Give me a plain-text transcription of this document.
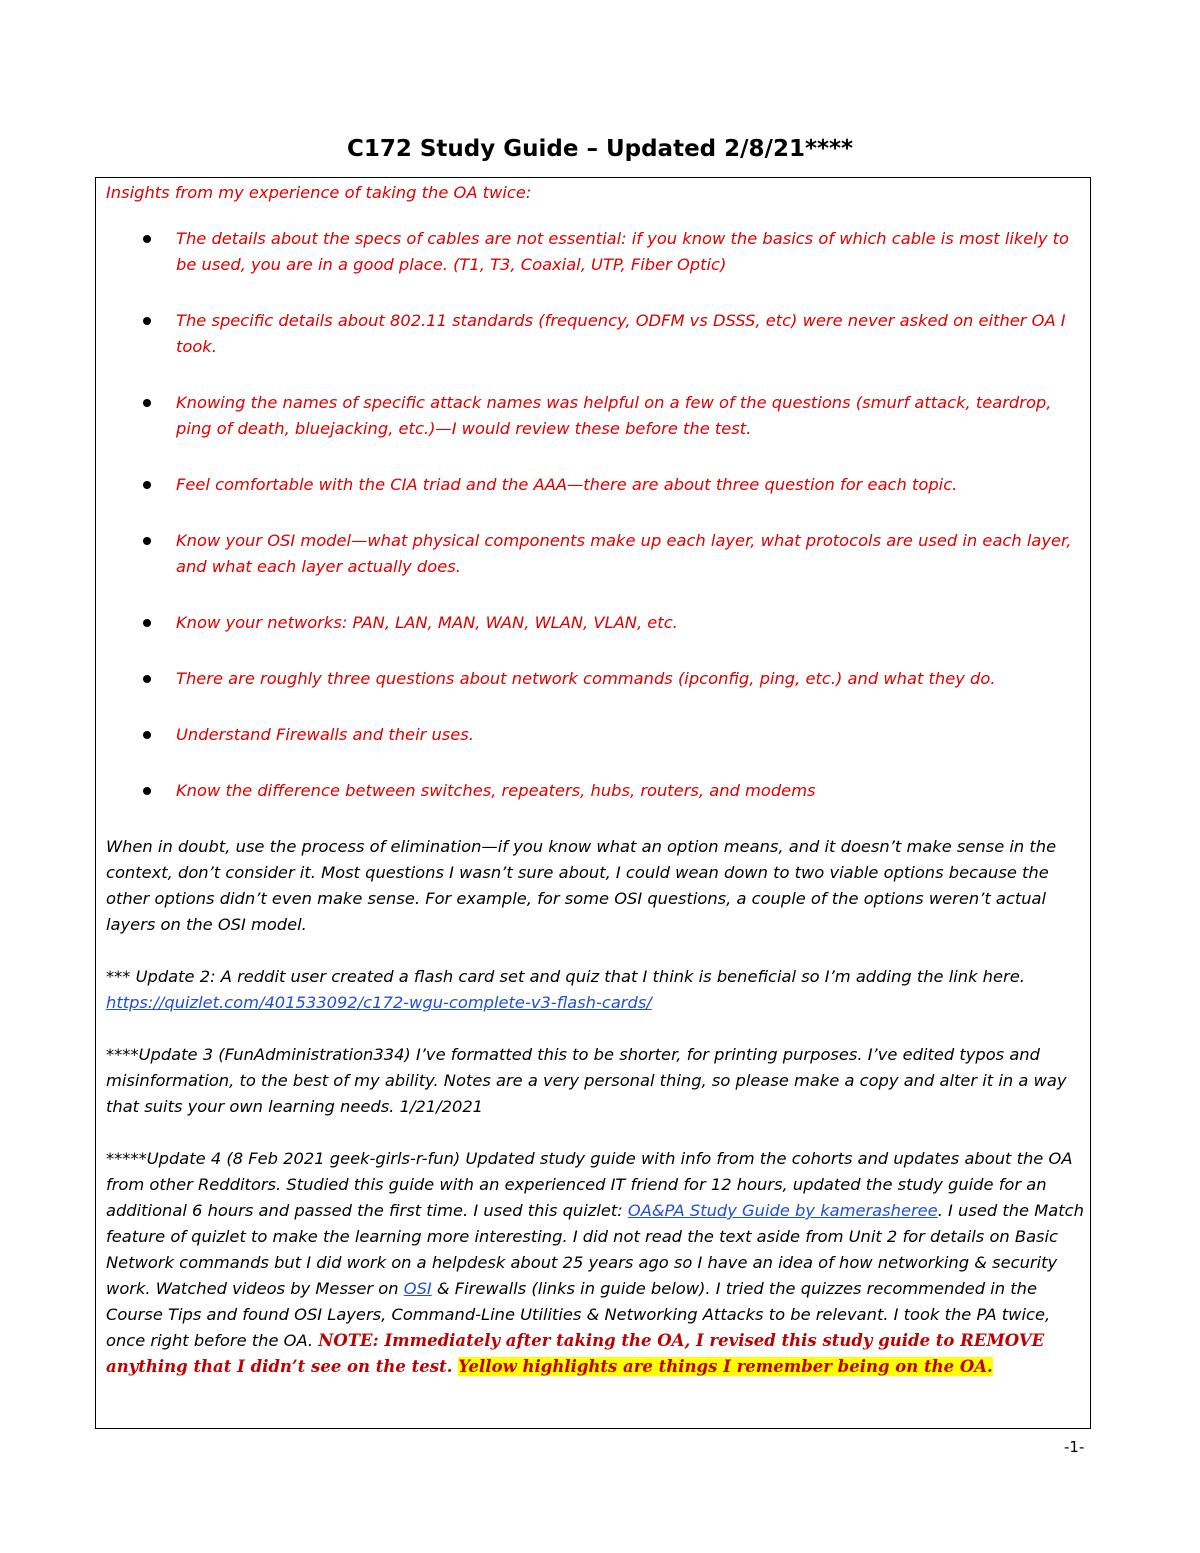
C172 Study Guide – Updated 2/8/21****

Insights from my experience of taking the OA twice:

The details about the specs of cables are not essential: if you know the basics of which cable is most likely to be used, you are in a good place. (T1, T3, Coaxial, UTP, Fiber Optic)
The specific details about 802.11 standards (frequency, ODFM vs DSSS, etc) were never asked on either OA I took.
Knowing the names of specific attack names was helpful on a few of the questions (smurf attack, teardrop, ping of death, bluejacking, etc.)—I would review these before the test.
Feel comfortable with the CIA triad and the AAA—there are about three question for each topic.
Know your OSI model—what physical components make up each layer, what protocols are used in each layer, and what each layer actually does.
Know your networks: PAN, LAN, MAN, WAN, WLAN, VLAN, etc.
There are roughly three questions about network commands (ipconfig, ping, etc.) and what they do.
Understand Firewalls and their uses.
Know the difference between switches, repeaters, hubs, routers, and modems

When in doubt, use the process of elimination—if you know what an option means, and it doesn’t make sense in the context, don’t consider it. Most questions I wasn’t sure about, I could wean down to two viable options because the other options didn’t even make sense. For example, for some OSI questions, a couple of the options weren’t actual layers on the OSI model.

*** Update 2: A reddit user created a flash card set and quiz that I think is beneficial so I’m adding the link here. https://quizlet.com/401533092/c172-wgu-complete-v3-flash-cards/

****Update 3 (FunAdministration334) I’ve formatted this to be shorter, for printing purposes. I’ve edited typos and misinformation, to the best of my ability. Notes are a very personal thing, so please make a copy and alter it in a way that suits your own learning needs. 1/21/2021

*****Update 4 (8 Feb 2021 geek-girls-r-fun) Updated study guide with info from the cohorts and updates about the OA from other Redditors. Studied this guide with an experienced IT friend for 12 hours, updated the study guide for an additional 6 hours and passed the first time. I used this quizlet: OA&PA Study Guide by kamerasheree. I used the Match feature of quizlet to make the learning more interesting. I did not read the text aside from Unit 2 for details on Basic Network commands but I did work on a helpdesk about 25 years ago so I have an idea of how networking & security work. Watched videos by Messer on OSI & Firewalls (links in guide below). I tried the quizzes recommended in the Course Tips and found OSI Layers, Command-Line Utilities & Networking Attacks to be relevant. I took the PA twice, once right before the OA. NOTE: Immediately after taking the OA, I revised this study guide to REMOVE anything that I didn’t see on the test. Yellow highlights are things I remember being on the OA.

-1-
